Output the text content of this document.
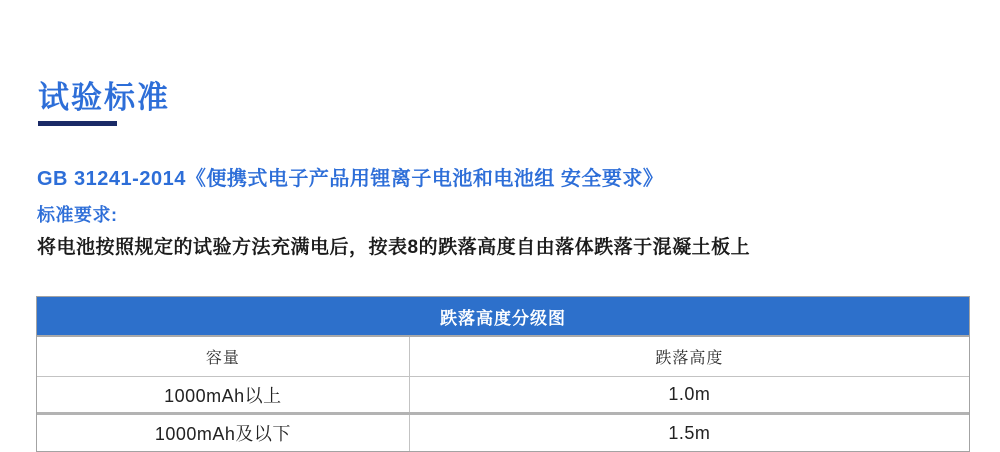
试验标准
GB 31241-2014《便携式电子产品用锂离子电池和电池组 安全要求》
标准要求:
将电池按照规定的试验方法充满电后，按表8的跌落高度自由落体跌落于混凝土板上
跌落高度分级图
容量	跌落高度
1000mAh以上	1.0m
1000mAh及以下	1.5m
